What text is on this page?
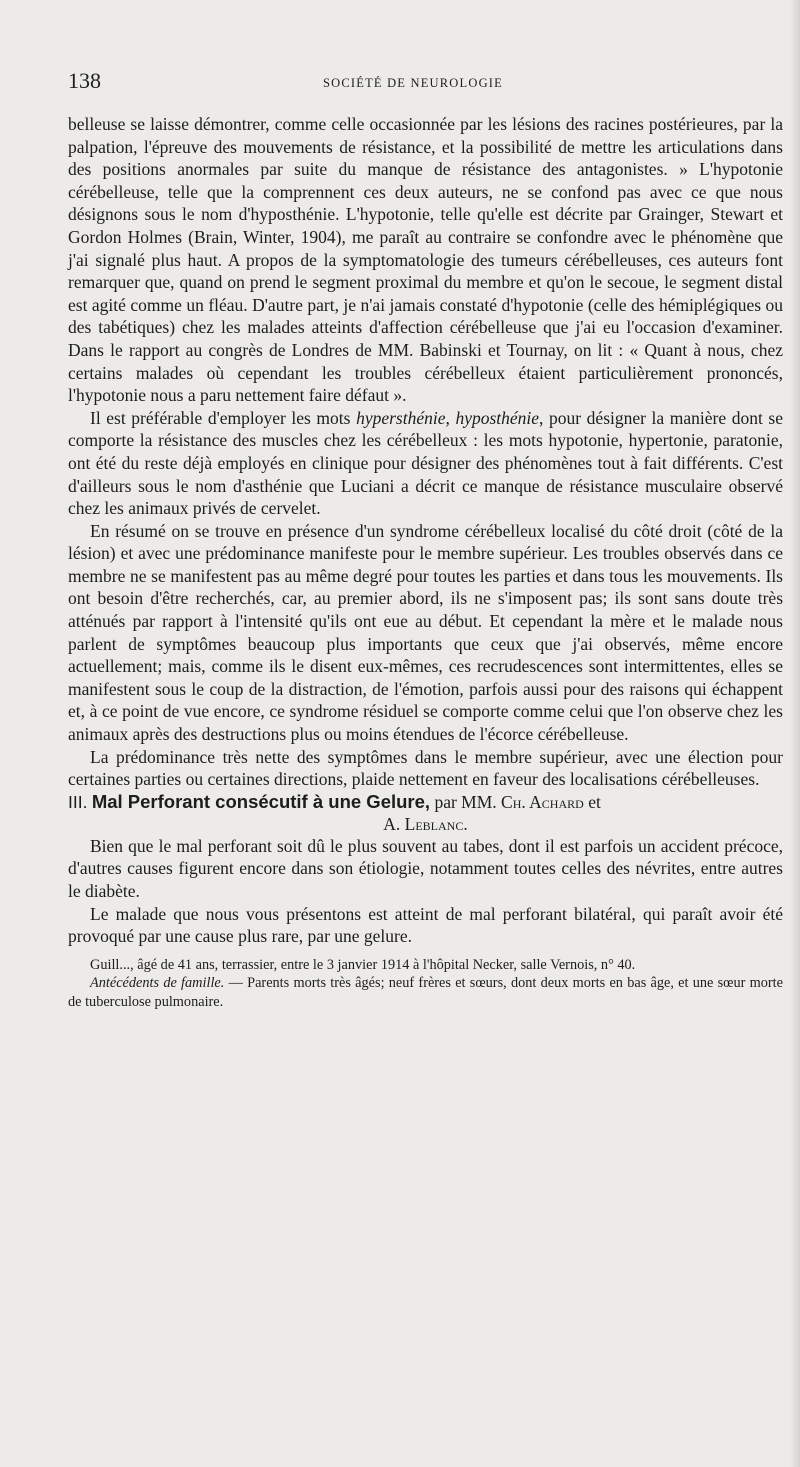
138	SOCIÉTÉ DE NEUROLOGIE

belleuse se laisse démontrer, comme celle occasionnée par les lésions des racines postérieures, par la palpation, l'épreuve des mouvements de résistance, et la possibilité de mettre les articulations dans des positions anormales par suite du manque de résistance des antagonistes. » L'hypotonie cérébelleuse, telle que la comprennent ces deux auteurs, ne se confond pas avec ce que nous désignons sous le nom d'hyposthénie. L'hypotonie, telle qu'elle est décrite par Grainger, Stewart et Gordon Holmes (Brain, Winter, 1904), me paraît au contraire se confondre avec le phénomène que j'ai signalé plus haut. A propos de la symptomatologie des tumeurs cérébelleuses, ces auteurs font remarquer que, quand on prend le segment proximal du membre et qu'on le secoue, le segment distal est agité comme un fléau. D'autre part, je n'ai jamais constaté d'hypotonie (celle des hémiplégiques ou des tabétiques) chez les malades atteints d'affection cérébelleuse que j'ai eu l'occasion d'examiner. Dans le rapport au congrès de Londres de MM. Babinski et Tournay, on lit : « Quant à nous, chez certains malades où cependant les troubles cérébelleux étaient particulièrement prononcés, l'hypotonie nous a paru nettement faire défaut ».

Il est préférable d'employer les mots hypersthénie, hyposthénie, pour désigner la manière dont se comporte la résistance des muscles chez les cérébelleux : les mots hypotonie, hypertonie, paratonie, ont été du reste déjà employés en clinique pour désigner des phénomènes tout à fait différents. C'est d'ailleurs sous le nom d'asthénie que Luciani a décrit ce manque de résistance musculaire observé chez les animaux privés de cervelet.

En résumé on se trouve en présence d'un syndrome cérébelleux localisé du côté droit (côté de la lésion) et avec une prédominance manifeste pour le membre supérieur. Les troubles observés dans ce membre ne se manifestent pas au même degré pour toutes les parties et dans tous les mouvements. Ils ont besoin d'être recherchés, car, au premier abord, ils ne s'imposent pas; ils sont sans doute très atténués par rapport à l'intensité qu'ils ont eue au début. Et cependant la mère et le malade nous parlent de symptômes beaucoup plus importants que ceux que j'ai observés, même encore actuellement; mais, comme ils le disent eux-mêmes, ces recrudescences sont intermittentes, elles se manifestent sous le coup de la distraction, de l'émotion, parfois aussi pour des raisons qui échappent et, à ce point de vue encore, ce syndrome résiduel se comporte comme celui que l'on observe chez les animaux après des destructions plus ou moins étendues de l'écorce cérébelleuse.

La prédominance très nette des symptômes dans le membre supérieur, avec une élection pour certaines parties ou certaines directions, plaide nettement en faveur des localisations cérébelleuses.

III. Mal Perforant consécutif à une Gelure, par MM. Ch. Achard et
A. Leblanc.

Bien que le mal perforant soit dû le plus souvent au tabes, dont il est parfois un accident précoce, d'autres causes figurent encore dans son étiologie, notamment toutes celles des névrites, entre autres le diabète.

Le malade que nous vous présentons est atteint de mal perforant bilatéral, qui paraît avoir été provoqué par une cause plus rare, par une gelure.

Guill..., âgé de 41 ans, terrassier, entre le 3 janvier 1914 à l'hôpital Necker, salle Vernois, n° 40.

Antécédents de famille. — Parents morts très âgés; neuf frères et sœurs, dont deux morts en bas âge, et une sœur morte de tuberculose pulmonaire.
